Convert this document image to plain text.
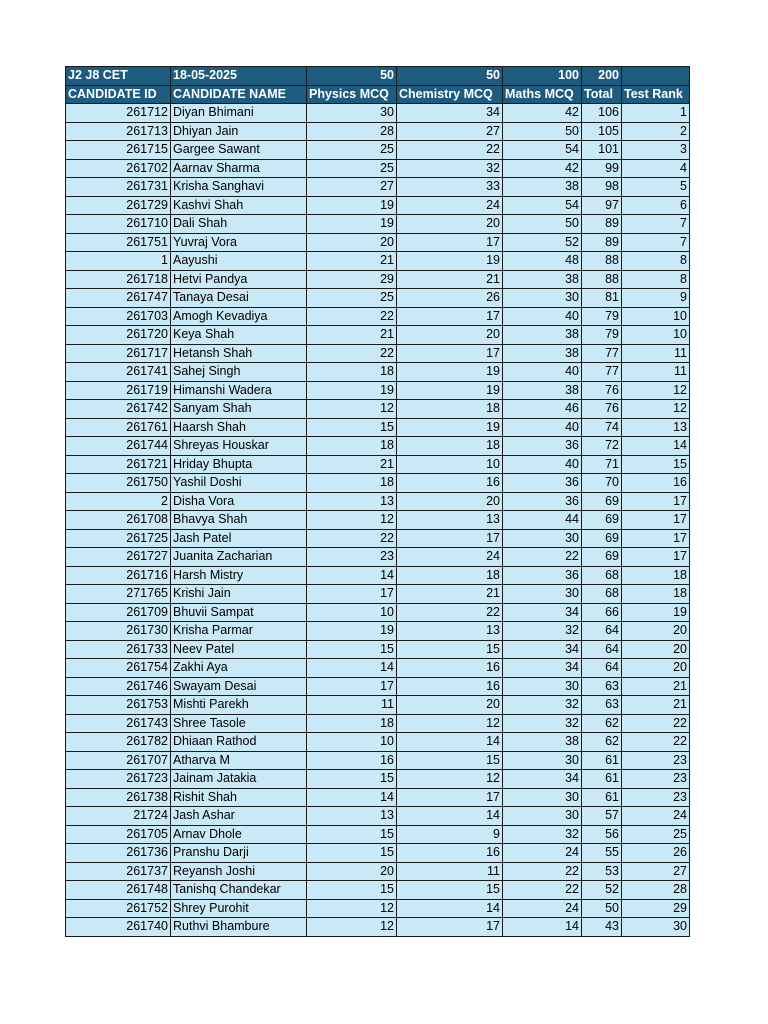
J2 J8 CET	18-05-2025	50	50	100	200	
CANDIDATE ID	CANDIDATE NAME	Physics MCQ	Chemistry MCQ	Maths MCQ	Total	Test Rank
261712	Diyan Bhimani	30	34	42	106	1
261713	Dhiyan Jain	28	27	50	105	2
261715	Gargee Sawant	25	22	54	101	3
261702	Aarnav Sharma	25	32	42	99	4
261731	Krisha Sanghavi	27	33	38	98	5
261729	Kashvi Shah	19	24	54	97	6
261710	Dali Shah	19	20	50	89	7
261751	Yuvraj Vora	20	17	52	89	7
1	Aayushi	21	19	48	88	8
261718	Hetvi Pandya	29	21	38	88	8
261747	Tanaya Desai	25	26	30	81	9
261703	Amogh Kevadiya	22	17	40	79	10
261720	Keya Shah	21	20	38	79	10
261717	Hetansh Shah	22	17	38	77	11
261741	Sahej Singh	18	19	40	77	11
261719	Himanshi Wadera	19	19	38	76	12
261742	Sanyam Shah	12	18	46	76	12
261761	Haarsh Shah	15	19	40	74	13
261744	Shreyas Houskar	18	18	36	72	14
261721	Hriday Bhupta	21	10	40	71	15
261750	Yashil Doshi	18	16	36	70	16
2	Disha Vora	13	20	36	69	17
261708	Bhavya Shah	12	13	44	69	17
261725	Jash Patel	22	17	30	69	17
261727	Juanita Zacharian	23	24	22	69	17
261716	Harsh Mistry	14	18	36	68	18
271765	Krishi Jain	17	21	30	68	18
261709	Bhuvii Sampat	10	22	34	66	19
261730	Krisha Parmar	19	13	32	64	20
261733	Neev Patel	15	15	34	64	20
261754	Zakhi Aya	14	16	34	64	20
261746	Swayam Desai	17	16	30	63	21
261753	Mishti Parekh	11	20	32	63	21
261743	Shree Tasole	18	12	32	62	22
261782	Dhiaan Rathod	10	14	38	62	22
261707	Atharva M	16	15	30	61	23
261723	Jainam Jatakia	15	12	34	61	23
261738	Rishit Shah	14	17	30	61	23
21724	Jash Ashar	13	14	30	57	24
261705	Arnav Dhole	15	9	32	56	25
261736	Pranshu Darji	15	16	24	55	26
261737	Reyansh Joshi	20	11	22	53	27
261748	Tanishq Chandekar	15	15	22	52	28
261752	Shrey Purohit	12	14	24	50	29
261740	Ruthvi Bhambure	12	17	14	43	30
